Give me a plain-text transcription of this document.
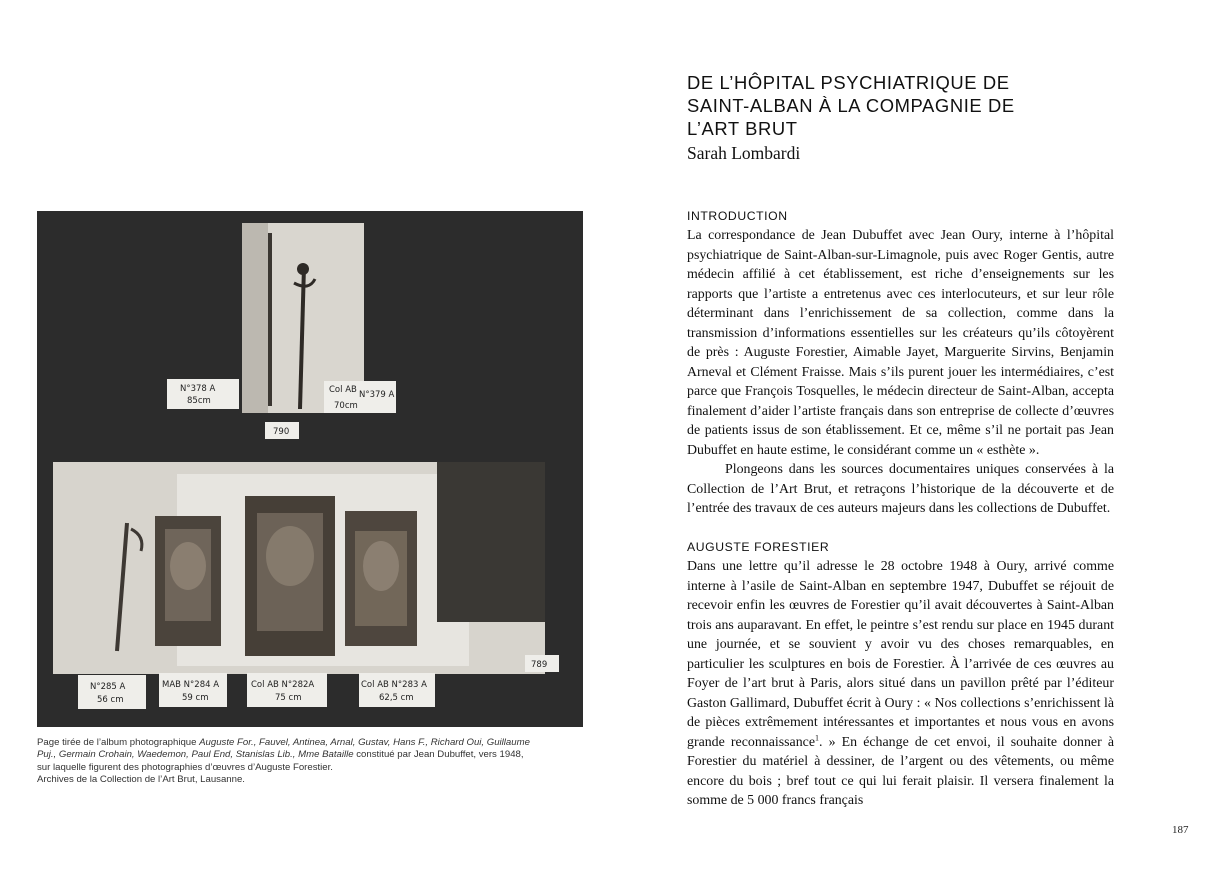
N°378 A
85cm
Col AB N°379 A
70cm
790
789
N°285 A
56 cm
MAB N°284 A
59 cm
Col AB N°282A
75 cm
Col AB N°283 A
62,5 cm
Page tirée de l’album photographique Auguste For., Fauvel, Antinea, Arnal, Gustav, Hans F., Richard Oui, Guillaume Puj., Germain Crohain, Waedemon, Paul End, Stanislas Lib., Mme Bataille constitué par Jean Dubuffet, vers 1948, sur laquelle figurent des photographies d’œuvres d’Auguste Forestier.
Archives de la Collection de l’Art Brut, Lausanne.
DE L’HÔPITAL PSYCHIATRIQUE DE SAINT-ALBAN À LA COMPAGNIE DE L’ART BRUT
Sarah Lombardi
INTRODUCTION

La correspondance de Jean Dubuffet avec Jean Oury, interne à l’hôpital psychiatrique de Saint-Alban-sur-Limagnole, puis avec Roger Gentis, autre médecin affilié à cet établissement, est riche d’enseignements sur les rapports que l’artiste a entretenus avec ces interlocuteurs, et sur leur rôle déterminant dans l’enrichissement de sa collection, comme dans la transmission d’informations essentielles sur les créateurs qu’ils côtoyèrent de près : Auguste Forestier, Aimable Jayet, Marguerite Sirvins, Benjamin Arneval et Clément Fraisse. Mais s’ils purent jouer les intermédiaires, c’est parce que François Tosquelles, le médecin directeur de Saint-Alban, accepta finalement d’aider l’artiste français dans son entreprise de collecte d’œuvres de patients issus de son établissement. Et ce, même s’il ne portait pas Jean Dubuffet en haute estime, le considérant comme un « esthète ».

Plongeons dans les sources documentaires uniques conservées à la Collection de l’Art Brut, et retraçons l’historique de la découverte et de l’entrée des travaux de ces auteurs majeurs dans les collections de Dubuffet.

AUGUSTE FORESTIER

Dans une lettre qu’il adresse le 28 octobre 1948 à Oury, arrivé comme interne à l’asile de Saint-Alban en septembre 1947, Dubuffet se réjouit de recevoir enfin les œuvres de Forestier qu’il avait découvertes à Saint-Alban trois ans auparavant. En effet, le peintre s’est rendu sur place en 1945 durant une journée, et se souvient y avoir vu des choses remarquables, en particulier les sculptures en bois de Forestier. À l’arrivée de ces œuvres au Foyer de l’art brut à Paris, alors situé dans un pavillon prêté par l’éditeur Gaston Gallimard, Dubuffet écrit à Oury : « Nos collections s’enrichissent là de pièces extrêmement intéressantes et importantes et nous vous en avons grande reconnaissance$^1$. » En échange de cet envoi, il souhaite donner à Forestier du matériel à dessiner, de l’argent ou des vêtements, ou même encore du bois ; bref tout ce qui lui ferait plaisir. Il versera finalement la somme de 5 000 francs français

187
